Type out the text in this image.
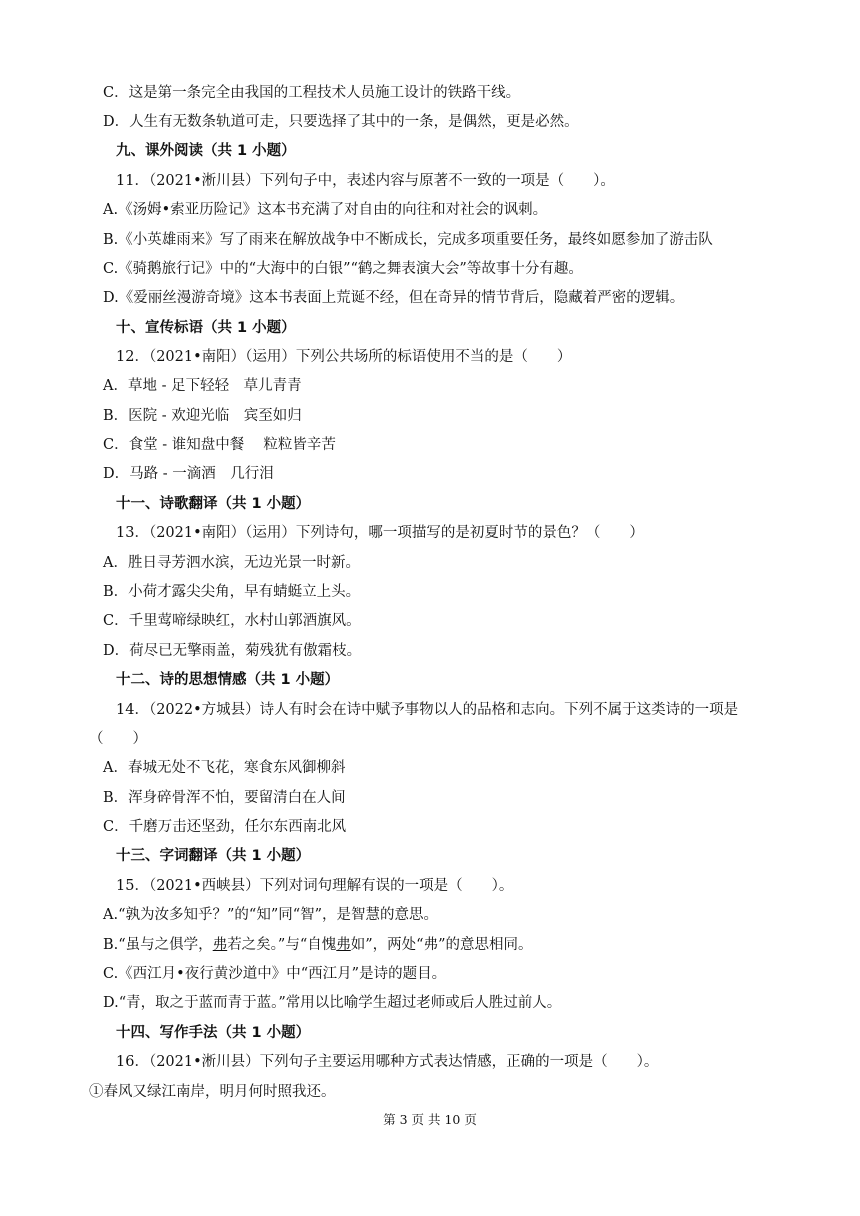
C．这是第一条完全由我国的工程技术人员施工设计的铁路干线。
D．人生有无数条轨道可走，只要选择了其中的一条，是偶然，更是必然。
九、课外阅读（共 1 小题）
11．（2021•淅川县）下列句子中，表述内容与原著不一致的一项是（　　）。
A.《汤姆•索亚历险记》这本书充满了对自由的向往和对社会的讽刺。
B.《小英雄雨来》写了雨来在解放战争中不断成长，完成多项重要任务，最终如愿参加了游击队
C.《骑鹅旅行记》中的“大海中的白银”“鹤之舞表演大会”等故事十分有趣。
D.《爱丽丝漫游奇境》这本书表面上荒诞不经，但在奇异的情节背后，隐藏着严密的逻辑。
十、宣传标语（共 1 小题）
12．（2021•南阳）（运用）下列公共场所的标语使用不当的是（　　）
A．草地 - 足下轻轻　草儿青青
B．医院 - 欢迎光临　宾至如归
C．食堂 - 谁知盘中餐　 粒粒皆辛苦
D．马路 - 一滴酒　几行泪
十一、诗歌翻译（共 1 小题）
13．（2021•南阳）（运用）下列诗句，哪一项描写的是初夏时节的景色？（　　）
A．胜日寻芳泗水滨，无边光景一时新。
B．小荷才露尖尖角，早有蜻蜓立上头。
C．千里莺啼绿映红，水村山郭酒旗风。
D．荷尽已无擎雨盖，菊残犹有傲霜枝。
十二、诗的思想情感（共 1 小题）
14．（2022•方城县）诗人有时会在诗中赋予事物以人的品格和志向。下列不属于这类诗的一项是
（　　）
A．春城无处不飞花，寒食东风御柳斜
B．浑身碎骨浑不怕，要留清白在人间
C．千磨万击还坚劲，任尔东西南北风
十三、字词翻译（共 1 小题）
15．（2021•西峡县）下列对词句理解有误的一项是（　　）。
A.“孰为汝多知乎？”的“知”同“智”，是智慧的意思。
B.“虽与之俱学，弗若之矣。”与“自愧弗如”，两处“弗”的意思相同。
C.《西江月•夜行黄沙道中》中“西江月”是诗的题目。
D.“青，取之于蓝而青于蓝。”常用以比喻学生超过老师或后人胜过前人。
十四、写作手法（共 1 小题）
16．（2021•淅川县）下列句子主要运用哪种方式表达情感，正确的一项是（　　）。
①春风又绿江南岸，明月何时照我还。
第 3 页 共 10 页
